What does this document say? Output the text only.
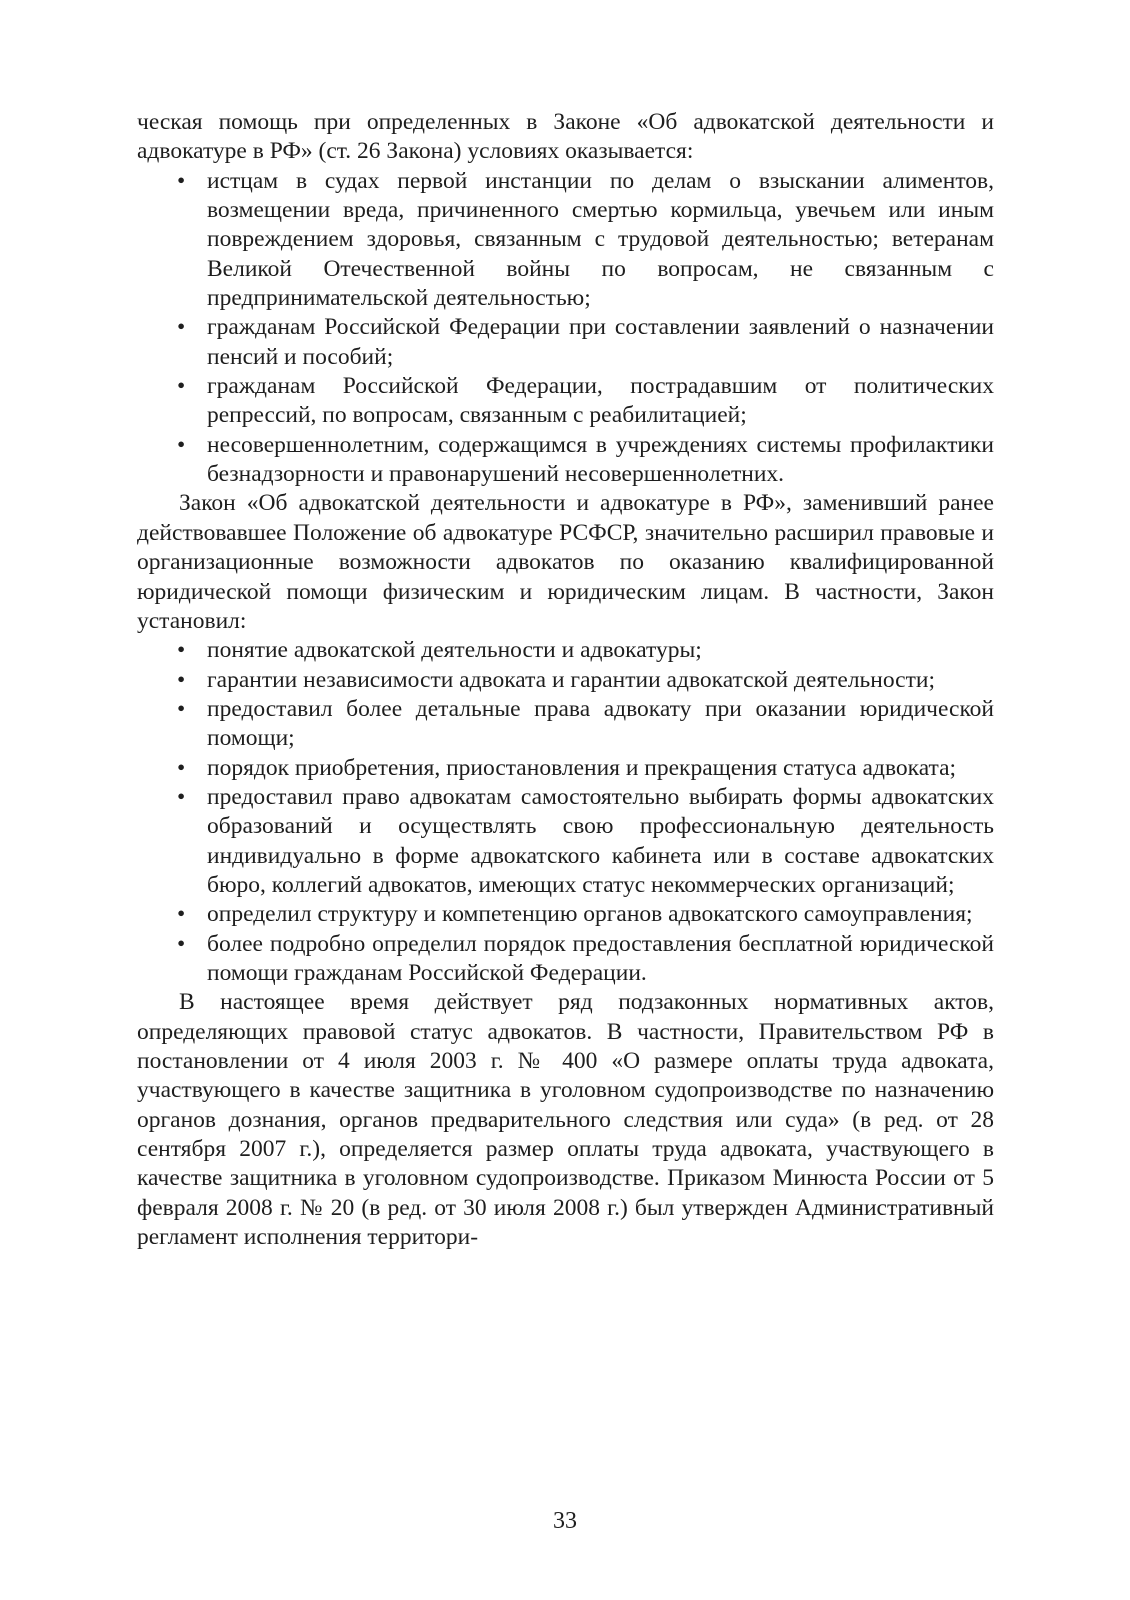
ческая помощь при определенных в Законе «Об адвокатской деятельности и адвокатуре в РФ» (ст. 26 Закона) условиях оказывается:

• истцам в судах первой инстанции по делам о взыскании алиментов, возмещении вреда, причиненного смертью кормильца, увечьем или иным повреждением здоровья, связанным с трудовой деятельностью; ветеранам Великой Отечественной войны по вопросам, не связанным с предпринимательской деятельностью;
• гражданам Российской Федерации при составлении заявлений о назначении пенсий и пособий;
• гражданам Российской Федерации, пострадавшим от политических репрессий, по вопросам, связанным с реабилитацией;
• несовершеннолетним, содержащимся в учреждениях системы профилактики безнадзорности и правонарушений несовершеннолетних.

Закон «Об адвокатской деятельности и адвокатуре в РФ», заменивший ранее действовавшее Положение об адвокатуре РСФСР, значительно расширил правовые и организационные возможности адвокатов по оказанию квалифицированной юридической помощи физическим и юридическим лицам. В частности, Закон установил:

• понятие адвокатской деятельности и адвокатуры;
• гарантии независимости адвоката и гарантии адвокатской деятельности;
• предоставил более детальные права адвокату при оказании юридической помощи;
• порядок приобретения, приостановления и прекращения статуса адвоката;
• предоставил право адвокатам самостоятельно выбирать формы адвокатских образований и осуществлять свою профессиональную деятельность индивидуально в форме адвокатского кабинета или в составе адвокатских бюро, коллегий адвокатов, имеющих статус некоммерческих организаций;
• определил структуру и компетенцию органов адвокатского самоуправления;
• более подробно определил порядок предоставления бесплатной юридической помощи гражданам Российской Федерации.

В настоящее время действует ряд подзаконных нормативных актов, определяющих правовой статус адвокатов. В частности, Правительством РФ в постановлении от 4 июля 2003 г. № 400 «О размере оплаты труда адвоката, участвующего в качестве защитника в уголовном судопроизводстве по назначению органов дознания, органов предварительного следствия или суда» (в ред. от 28 сентября 2007 г.), определяется размер оплаты труда адвоката, участвующего в качестве защитника в уголовном судопроизводстве. Приказом Минюста России от 5 февраля 2008 г. № 20 (в ред. от 30 июля 2008 г.) был утвержден Административный регламент исполнения территори-

33
